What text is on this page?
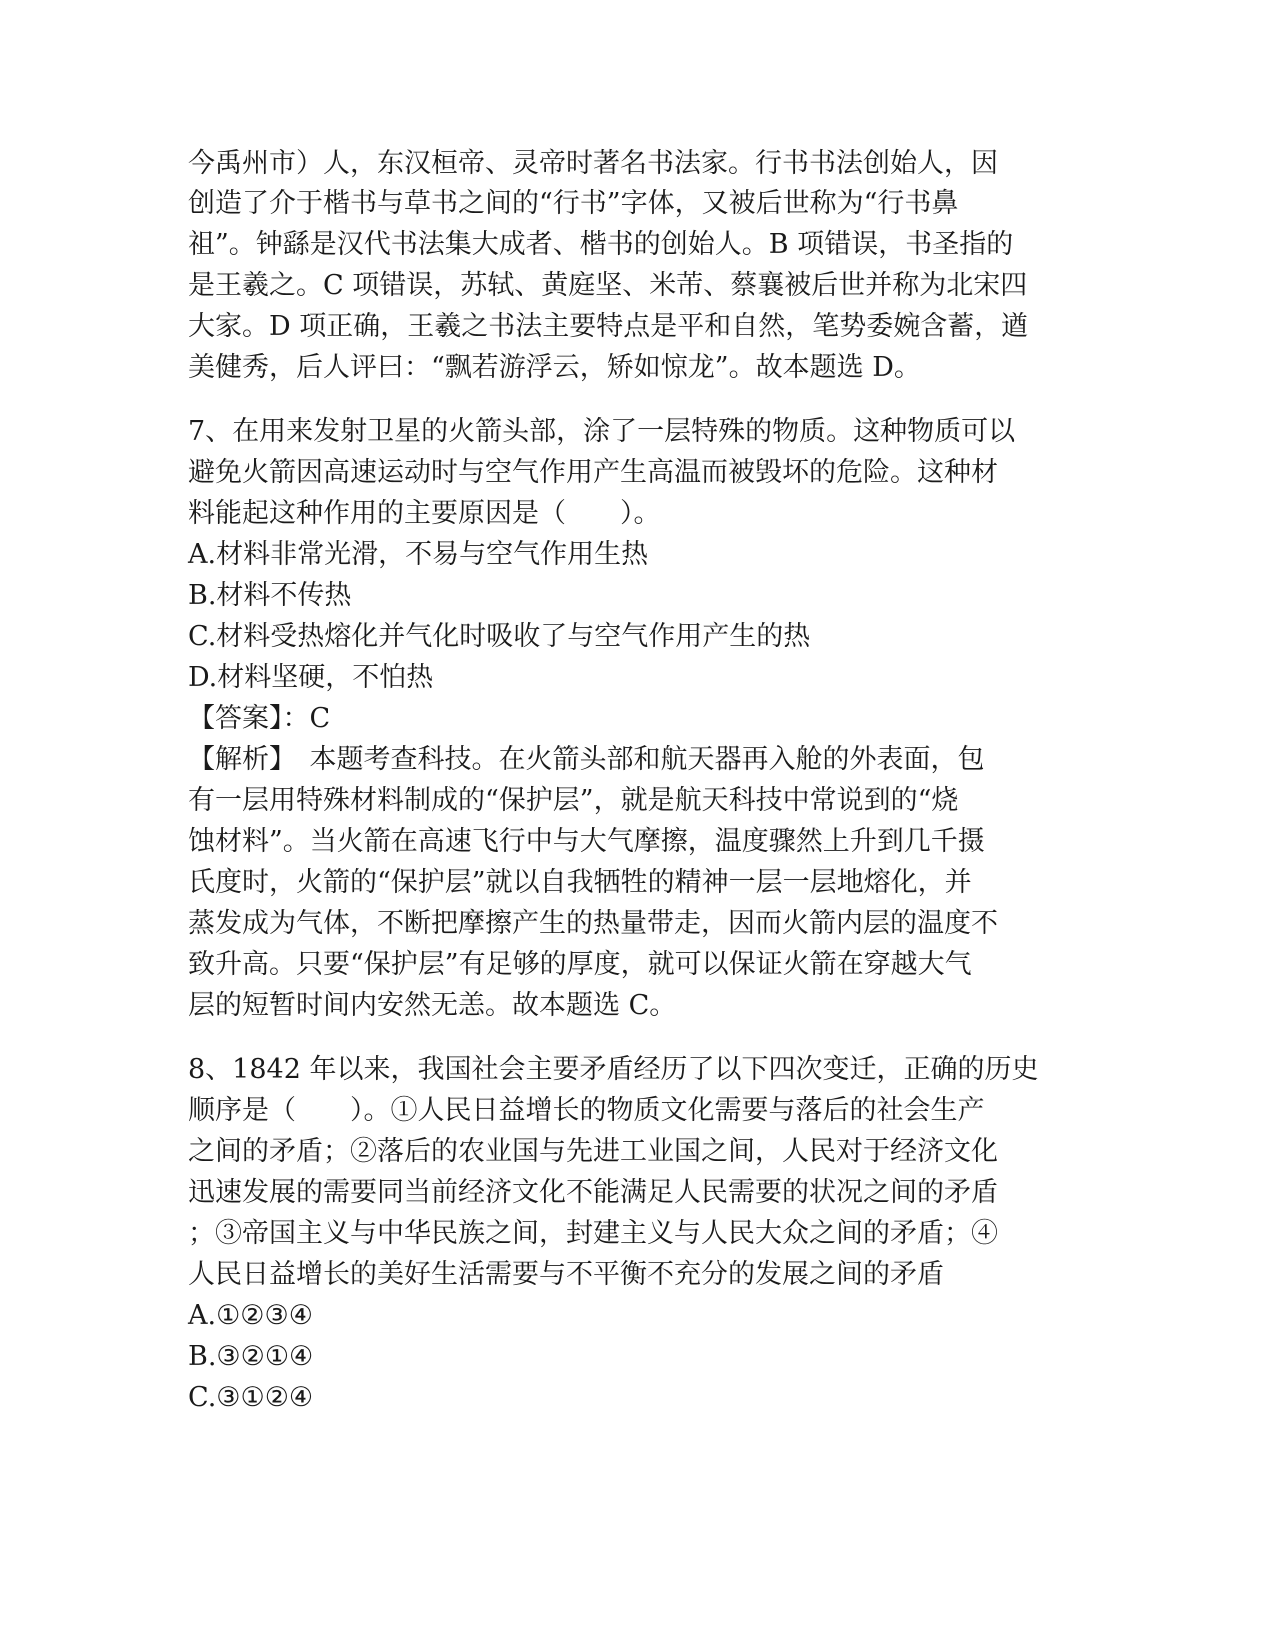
今禹州市）人，东汉桓帝、灵帝时著名书法家。行书书法创始人，因
创造了介于楷书与草书之间的“行书”字体，又被后世称为“行书鼻
祖”。钟繇是汉代书法集大成者、楷书的创始人。B 项错误，书圣指的
是王羲之。C 项错误，苏轼、黄庭坚、米芾、蔡襄被后世并称为北宋四
大家。D 项正确，王羲之书法主要特点是平和自然，笔势委婉含蓄，遒
美健秀，后人评曰：“飘若游浮云，矫如惊龙”。故本题选 D。
7、在用来发射卫星的火箭头部，涂了一层特殊的物质。这种物质可以
避免火箭因高速运动时与空气作用产生高温而被毁坏的危险。这种材
料能起这种作用的主要原因是（　　）。
A.材料非常光滑，不易与空气作用生热
B.材料不传热
C.材料受热熔化并气化时吸收了与空气作用产生的热
D.材料坚硬，不怕热
【答案】：C
【解析】　本题考查科技。在火箭头部和航天器再入舱的外表面，包
有一层用特殊材料制成的“保护层”，就是航天科技中常说到的“烧
蚀材料”。当火箭在高速飞行中与大气摩擦，温度骤然上升到几千摄
氏度时，火箭的“保护层”就以自我牺牲的精神一层一层地熔化，并
蒸发成为气体，不断把摩擦产生的热量带走，因而火箭内层的温度不
致升高。只要“保护层”有足够的厚度，就可以保证火箭在穿越大气
层的短暂时间内安然无恙。故本题选 C。
8、1842 年以来，我国社会主要矛盾经历了以下四次变迁，正确的历史
顺序是（　　）。①人民日益增长的物质文化需要与落后的社会生产
之间的矛盾；②落后的农业国与先进工业国之间，人民对于经济文化
迅速发展的需要同当前经济文化不能满足人民需要的状况之间的矛盾
；③帝国主义与中华民族之间，封建主义与人民大众之间的矛盾；④
人民日益增长的美好生活需要与不平衡不充分的发展之间的矛盾
A.①②③④
B.③②①④
C.③①②④
